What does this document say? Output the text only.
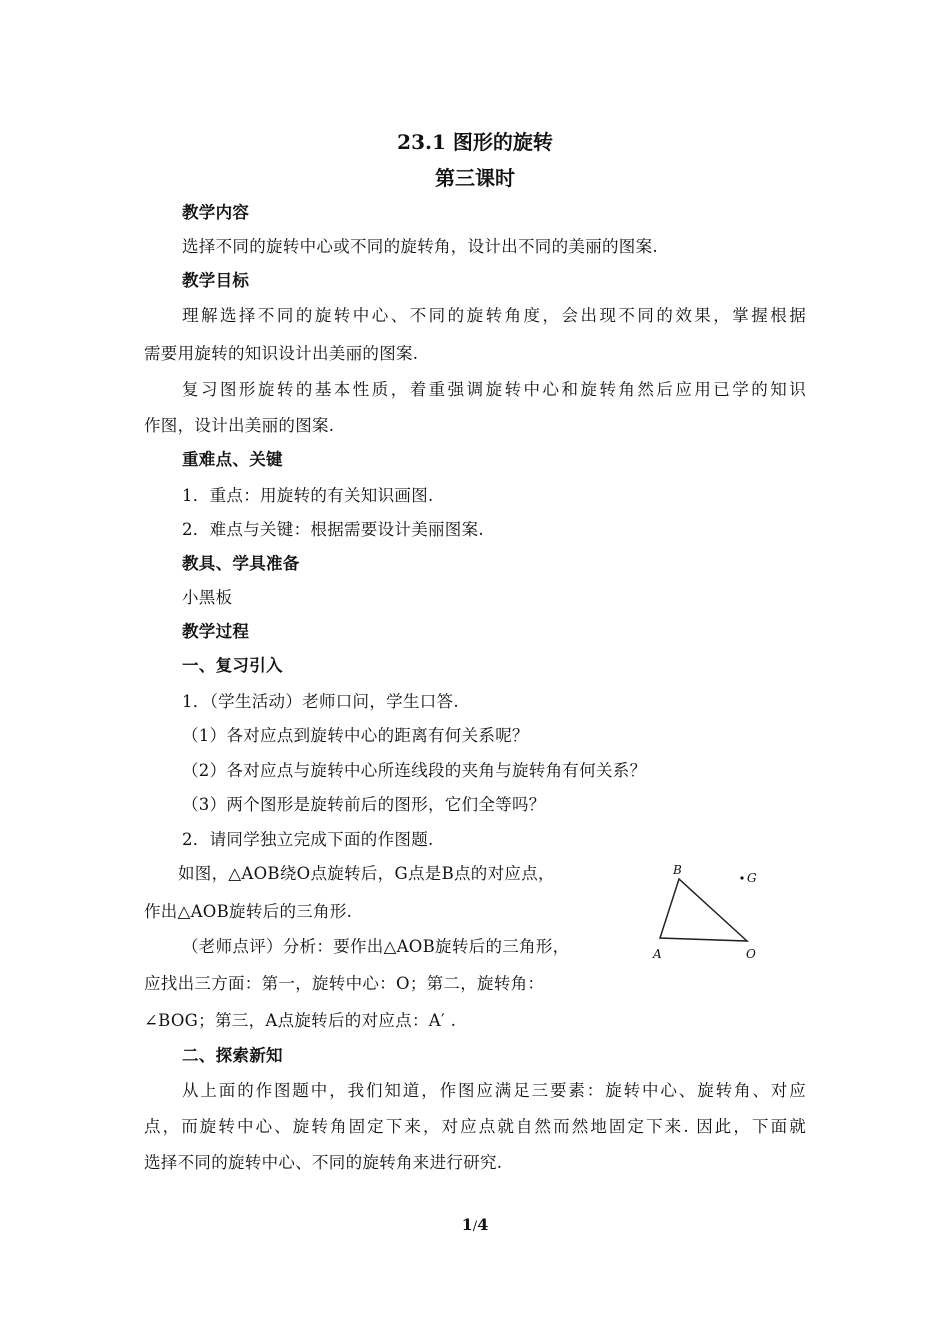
23.1 图形的旋转
第三课时
教学内容
选择不同的旋转中心或不同的旋转角，设计出不同的美丽的图案.
教学目标
理解选择不同的旋转中心、不同的旋转角度，会出现不同的效果，掌握根据
需要用旋转的知识设计出美丽的图案.
复习图形旋转的基本性质，着重强调旋转中心和旋转角然后应用已学的知识
作图，设计出美丽的图案.
重难点、关键
1．重点：用旋转的有关知识画图.
2．难点与关键：根据需要设计美丽图案.
教具、学具准备
小黑板
教学过程
一、复习引入
1．（学生活动）老师口问，学生口答.
（1）各对应点到旋转中心的距离有何关系呢？
（2）各对应点与旋转中心所连线段的夹角与旋转角有何关系？
（3）两个图形是旋转前后的图形，它们全等吗？
2．请同学独立完成下面的作图题.
如图，△AOB绕O点旋转后，G点是B点的对应点，
作出△AOB旋转后的三角形.
（老师点评）分析：要作出△AOB旋转后的三角形，
应找出三方面：第一，旋转中心：O；第二，旋转角：
∠BOG；第三，A点旋转后的对应点：A′ .
二、探索新知
从上面的作图题中，我们知道，作图应满足三要素：旋转中心、旋转角、对应
点，而旋转中心、旋转角固定下来，对应点就自然而然地固定下来. 因此，下面就
选择不同的旋转中心、不同的旋转角来进行研究.
B
A	O
G
1/4
